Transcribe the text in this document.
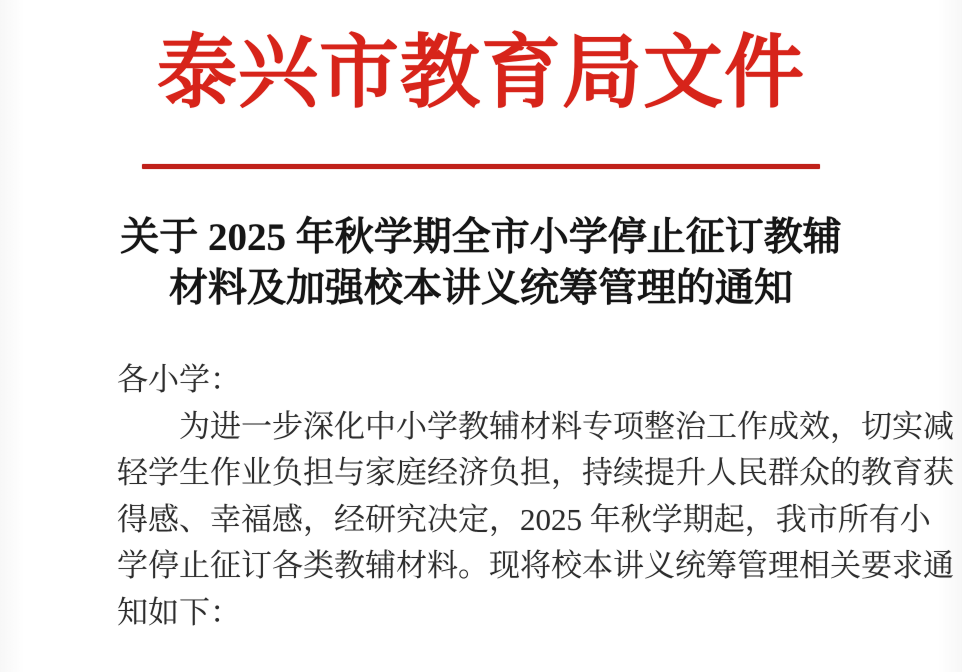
泰兴市教育局文件
关于 2025 年秋学期全市小学停止征订教辅
材料及加强校本讲义统筹管理的通知
各小学：
为进一步深化中小学教辅材料专项整治工作成效，切实减
轻学生作业负担与家庭经济负担，持续提升人民群众的教育获
得感、幸福感，经研究决定，2025 年秋学期起，我市所有小
学停止征订各类教辅材料。现将校本讲义统筹管理相关要求通
知如下：
